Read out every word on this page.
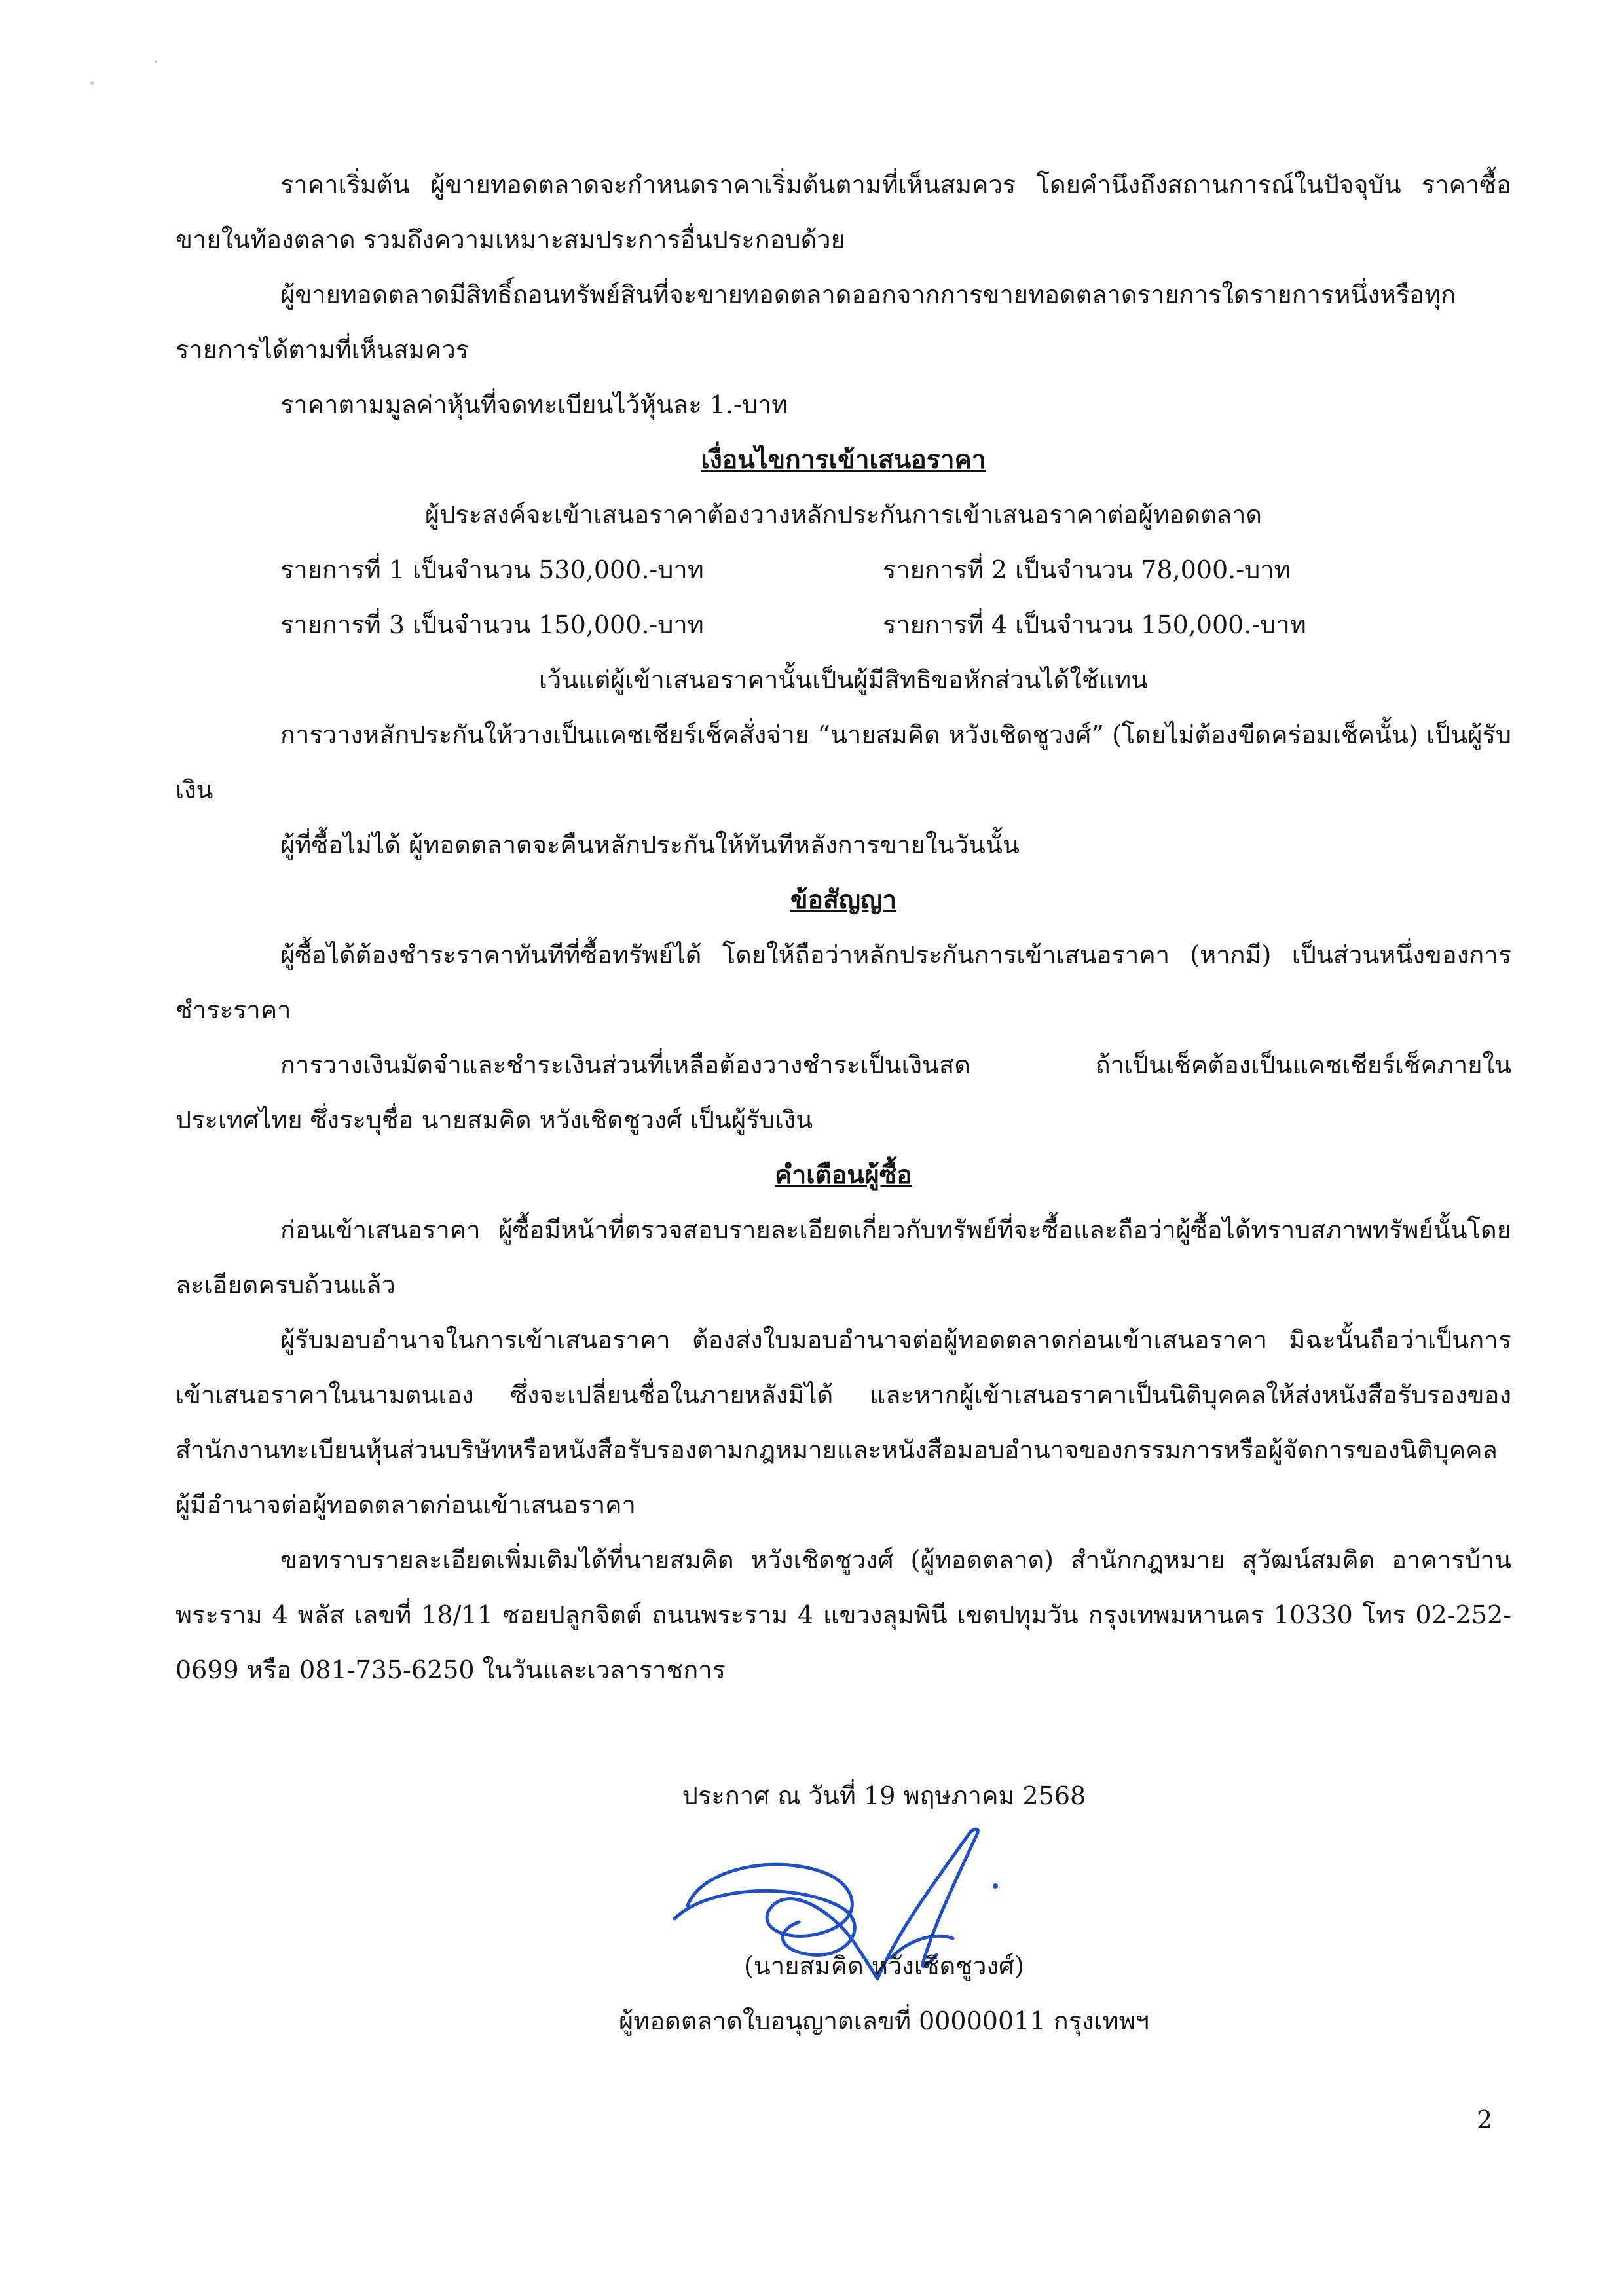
ราคาเริ่มต้น ผู้ขายทอดตลาดจะกำหนดราคาเริ่มต้นตามที่เห็นสมควร โดยคำนึงถึงสถานการณ์ในปัจจุบัน ราคาซื้อขายในท้องตลาด รวมถึงความเหมาะสมประการอื่นประกอบด้วย

ผู้ขายทอดตลาดมีสิทธิ์ถอนทรัพย์สินที่จะขายทอดตลาดออกจากการขายทอดตลาดรายการใดรายการหนึ่งหรือทุกรายการได้ตามที่เห็นสมควร

ราคาตามมูลค่าหุ้นที่จดทะเบียนไว้หุ้นละ 1.-บาท

เงื่อนไขการเข้าเสนอราคา

ผู้ประสงค์จะเข้าเสนอราคาต้องวางหลักประกันการเข้าเสนอราคาต่อผู้ทอดตลาด

รายการที่ 1 เป็นจำนวน 530,000.-บาท	รายการที่ 2 เป็นจำนวน 78,000.-บาท

รายการที่ 3 เป็นจำนวน 150,000.-บาท	รายการที่ 4 เป็นจำนวน 150,000.-บาท

เว้นแต่ผู้เข้าเสนอราคานั้นเป็นผู้มีสิทธิขอหักส่วนได้ใช้แทน

การวางหลักประกันให้วางเป็นแคชเชียร์เช็คสั่งจ่าย “นายสมคิด หวังเชิดชูวงศ์” (โดยไม่ต้องขีดคร่อมเช็คนั้น) เป็นผู้รับเงิน

ผู้ที่ซื้อไม่ได้ ผู้ทอดตลาดจะคืนหลักประกันให้ทันทีหลังการขายในวันนั้น

ข้อสัญญา

ผู้ซื้อได้ต้องชำระราคาทันทีที่ซื้อทรัพย์ได้ โดยให้ถือว่าหลักประกันการเข้าเสนอราคา (หากมี) เป็นส่วนหนึ่งของการชำระราคา

การวางเงินมัดจำและชำระเงินส่วนที่เหลือต้องวางชำระเป็นเงินสด ถ้าเป็นเช็คต้องเป็นแคชเชียร์เช็คภายในประเทศไทย ซึ่งระบุชื่อ นายสมคิด หวังเชิดชูวงศ์ เป็นผู้รับเงิน

คำเตือนผู้ซื้อ

ก่อนเข้าเสนอราคา ผู้ซื้อมีหน้าที่ตรวจสอบรายละเอียดเกี่ยวกับทรัพย์ที่จะซื้อและถือว่าผู้ซื้อได้ทราบสภาพทรัพย์นั้นโดยละเอียดครบถ้วนแล้ว

ผู้รับมอบอำนาจในการเข้าเสนอราคา ต้องส่งใบมอบอำนาจต่อผู้ทอดตลาดก่อนเข้าเสนอราคา มิฉะนั้นถือว่าเป็นการเข้าเสนอราคาในนามตนเอง ซึ่งจะเปลี่ยนชื่อในภายหลังมิได้ และหากผู้เข้าเสนอราคาเป็นนิติบุคคลให้ส่งหนังสือรับรองของสำนักงานทะเบียนหุ้นส่วนบริษัทหรือหนังสือรับรองตามกฎหมายและหนังสือมอบอำนาจของกรรมการหรือผู้จัดการของนิติบุคคลผู้มีอำนาจต่อผู้ทอดตลาดก่อนเข้าเสนอราคา

ขอทราบรายละเอียดเพิ่มเติมได้ที่นายสมคิด หวังเชิดชูวงศ์ (ผู้ทอดตลาด) สำนักกฎหมาย สุวัฒน์สมคิด อาคารบ้านพระราม 4 พลัส เลขที่ 18/11 ซอยปลูกจิตต์ ถนนพระราม 4 แขวงลุมพินี เขตปทุมวัน กรุงเทพมหานคร 10330 โทร 02-252-0699 หรือ 081-735-6250 ในวันและเวลาราชการ

ประกาศ ณ วันที่ 19 พฤษภาคม 2568

(นายสมคิด หวังเชิดชูวงศ์)

ผู้ทอดตลาดใบอนุญาตเลขที่ 00000011 กรุงเทพฯ

2
